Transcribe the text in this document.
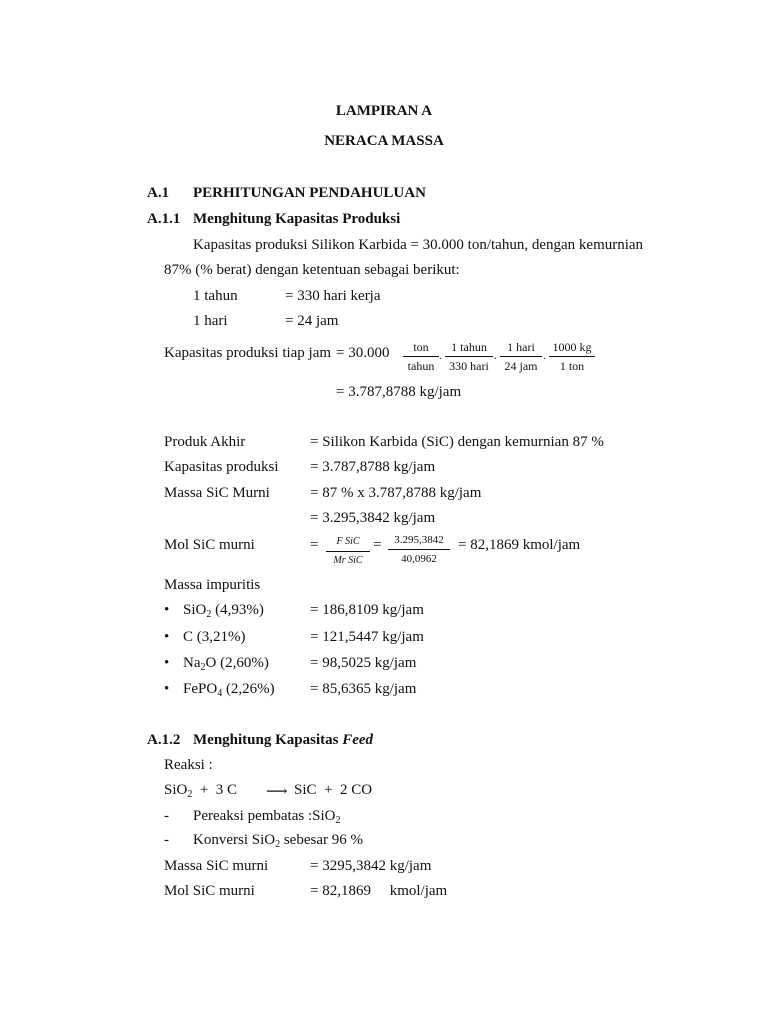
LAMPIRAN A
NERACA MASSA
A.1 PERHITUNGAN PENDAHULUAN
A.1.1 Menghitung Kapasitas Produksi
Kapasitas produksi Silikon Karbida = 30.000 ton/tahun, dengan kemurnian
87% (% berat) dengan ketentuan sebagai berikut:
1 tahun	= 330 hari kerja
1 hari	= 24 jam
Kapasitas produksi tiap jam = 30.000	ton
tahun
.
1 tahun
330 hari
.
1 hari
24 jam
.
1000 kg
1 ton
= 3.787,8788 kg/jam
Produk Akhir	= Silikon Karbida (SiC) dengan kemurnian 87 %
Kapasitas produksi = 3.787,8788 kg/jam
Massa SiC Murni	= 87 % x 3.787,8788 kg/jam
= 3.295,3842 kg/jam
Mol SiC murni	=	F SiC
Mr SiC
=	3.295,3842
40,0962
= 82,1869 kmol/jam
Massa impuritis
• SiO$_2$ (4,93%)	= 186,8109 kg/jam
• C (3,21%)	= 121,5447 kg/jam
• $Na_2O$ (2,60%)	= 98,5025 kg/jam
• FePO$_4$ (2,26%) = 85,6365 kg/jam
A.1.2 Menghitung Kapasitas Feed
Reaksi :
SiO$_2$  +  3 C ⟶ SiC  +  2 CO
- Pereaksi pembatas :SiO$_2$
- Konversi SiO$_2$ sebesar 96 %
Massa SiC murni	= 3295,3842 kg/jam
Mol SiC murni	= 82,1869     kmol/jam
